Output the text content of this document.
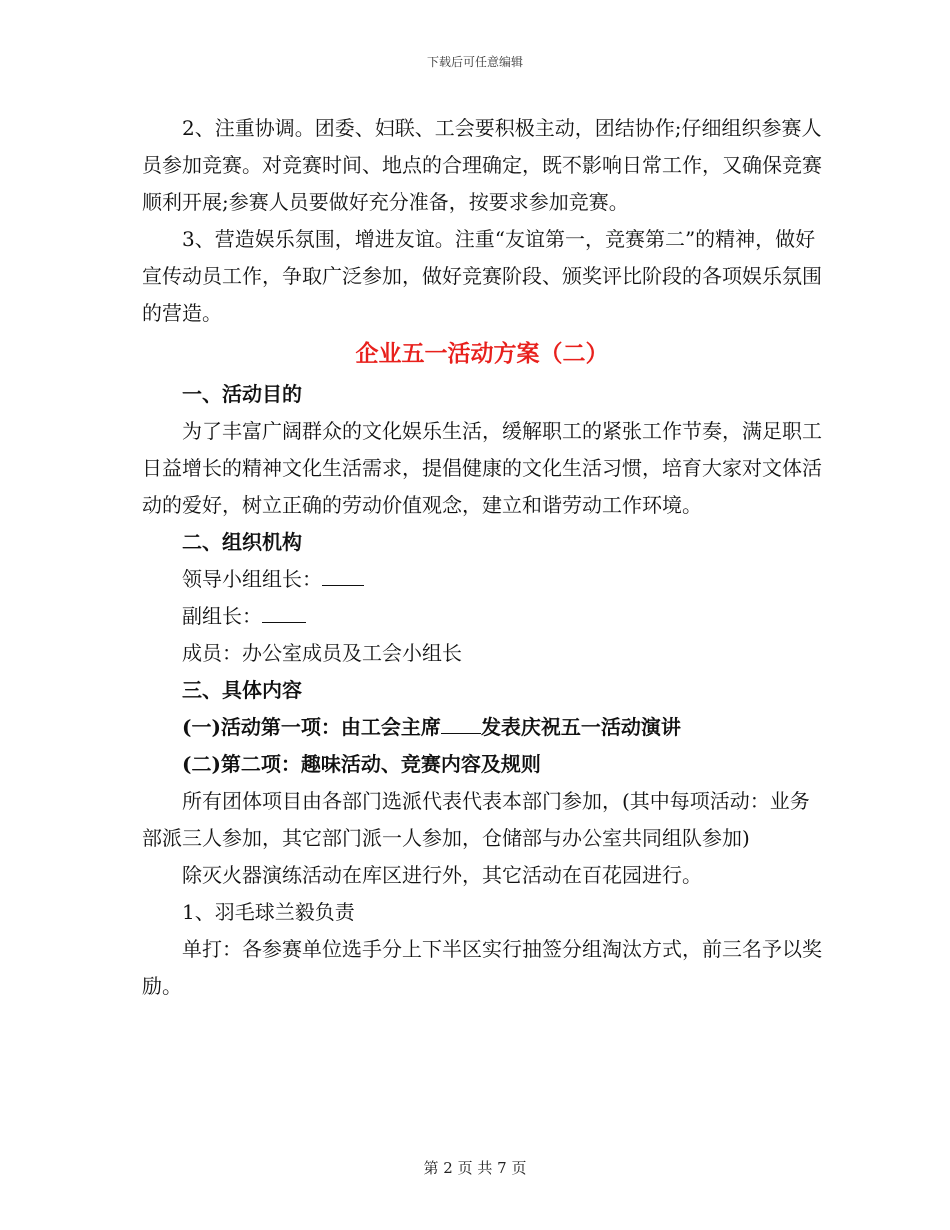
下载后可任意编辑

2、注重协调。团委、妇联、工会要积极主动，团结协作;仔细组织参赛人员参加竞赛。对竞赛时间、地点的合理确定，既不影响日常工作，又确保竞赛顺利开展;参赛人员要做好充分准备，按要求参加竞赛。

3、营造娱乐氛围，增进友谊。注重“友谊第一，竞赛第二”的精神，做好宣传动员工作，争取广泛参加，做好竞赛阶段、颁奖评比阶段的各项娱乐氛围的营造。

企业五一活动方案（二）

一、活动目的

为了丰富广阔群众的文化娱乐生活，缓解职工的紧张工作节奏，满足职工日益增长的精神文化生活需求，提倡健康的文化生活习惯，培育大家对文体活动的爱好，树立正确的劳动价值观念，建立和谐劳动工作环境。

二、组织机构

领导小组组长：

副组长：

成员：办公室成员及工会小组长

三、具体内容

(一)活动第一项：由工会主席 发表庆祝五一活动演讲

(二)第二项：趣味活动、竞赛内容及规则

所有团体项目由各部门选派代表代表本部门参加，(其中每项活动：业务部派三人参加，其它部门派一人参加，仓储部与办公室共同组队参加)

除灭火器演练活动在库区进行外，其它活动在百花园进行。

1、羽毛球兰毅负责

单打：各参赛单位选手分上下半区实行抽签分组淘汰方式，前三名予以奖励。

第 2 页 共 7 页
